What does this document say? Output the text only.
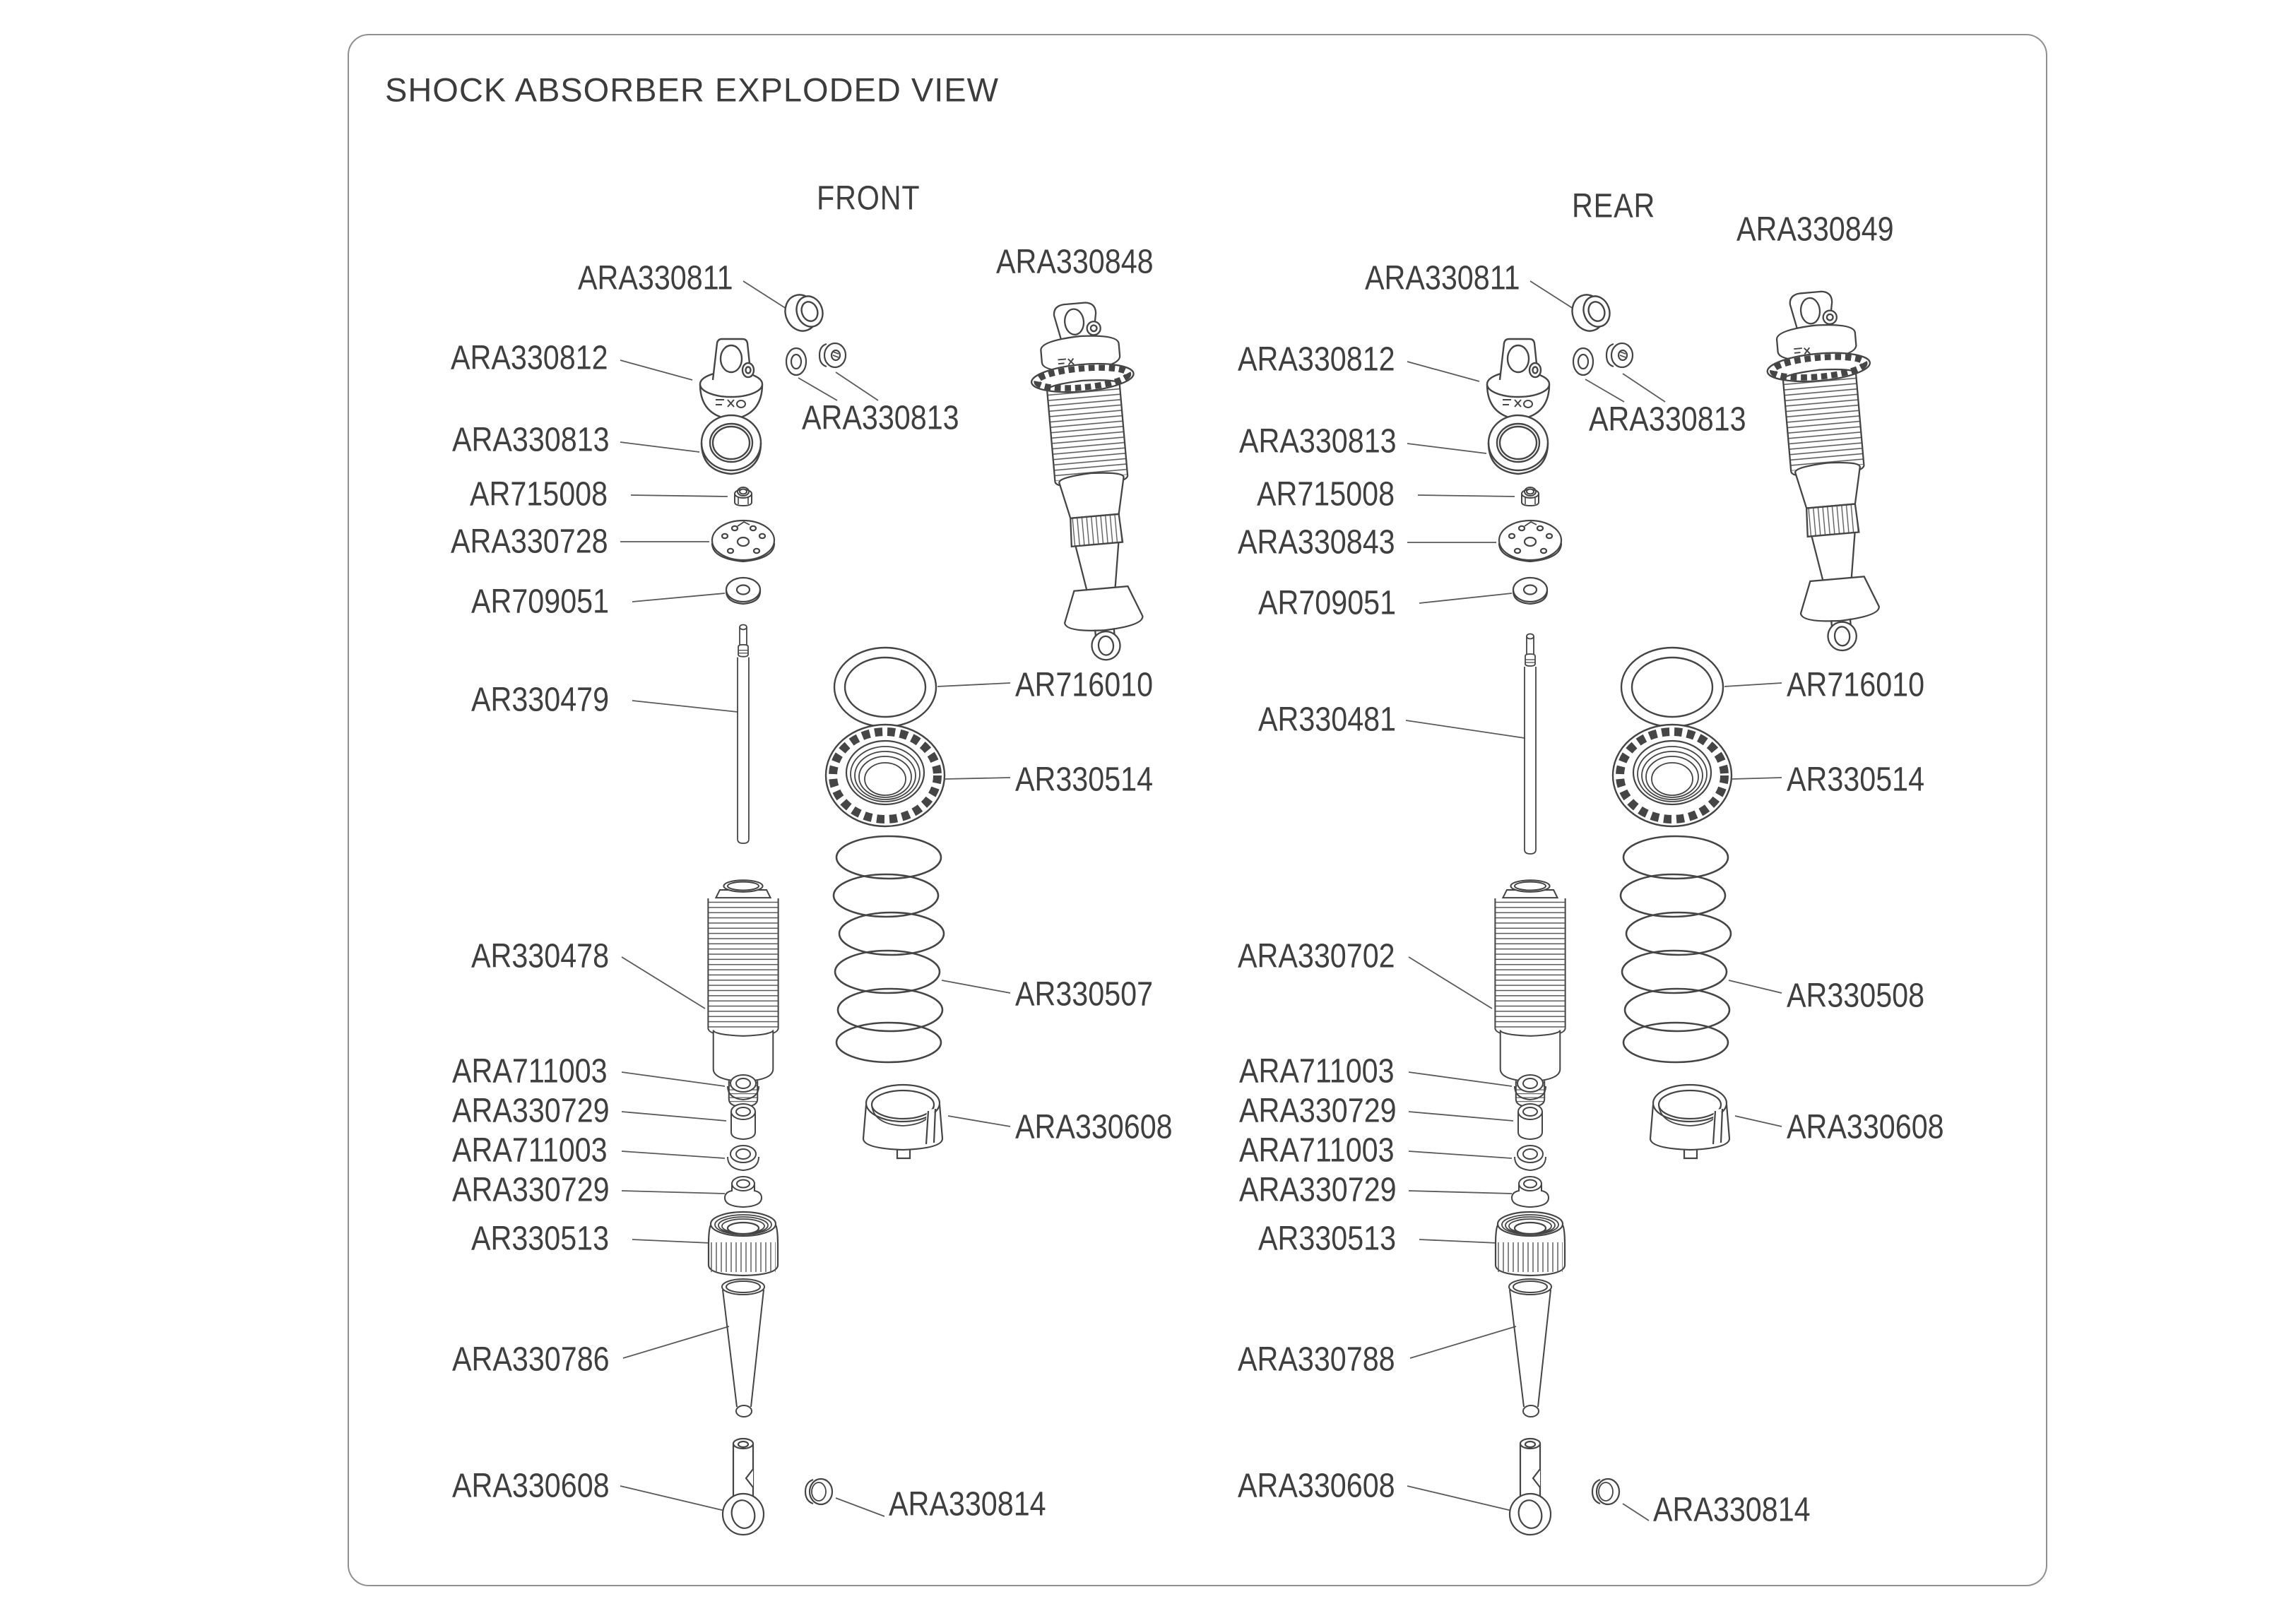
SHOCK ABSORBER EXPLODED VIEW
FRONT	REAR
ARA330848
ARA330849
ARA330811
ARA330812
ARA330813
ARA330813
AR715008
ARA330728
AR709051
AR330479	AR716010
AR330514
AR330478
AR330507
ARA711003
ARA330729
ARA711003
ARA330729
AR330513
ARA330608
ARA330786
ARA330608	ARA330814
ARA330811
ARA330812
ARA330813
ARA330813
AR715008
ARA330843
AR709051
AR330481
AR716010
AR330514
ARA330702
AR330508
ARA711003
ARA330729
ARA711003
ARA330729
AR330513
ARA330608
ARA330788
ARA330608
ARA330814
